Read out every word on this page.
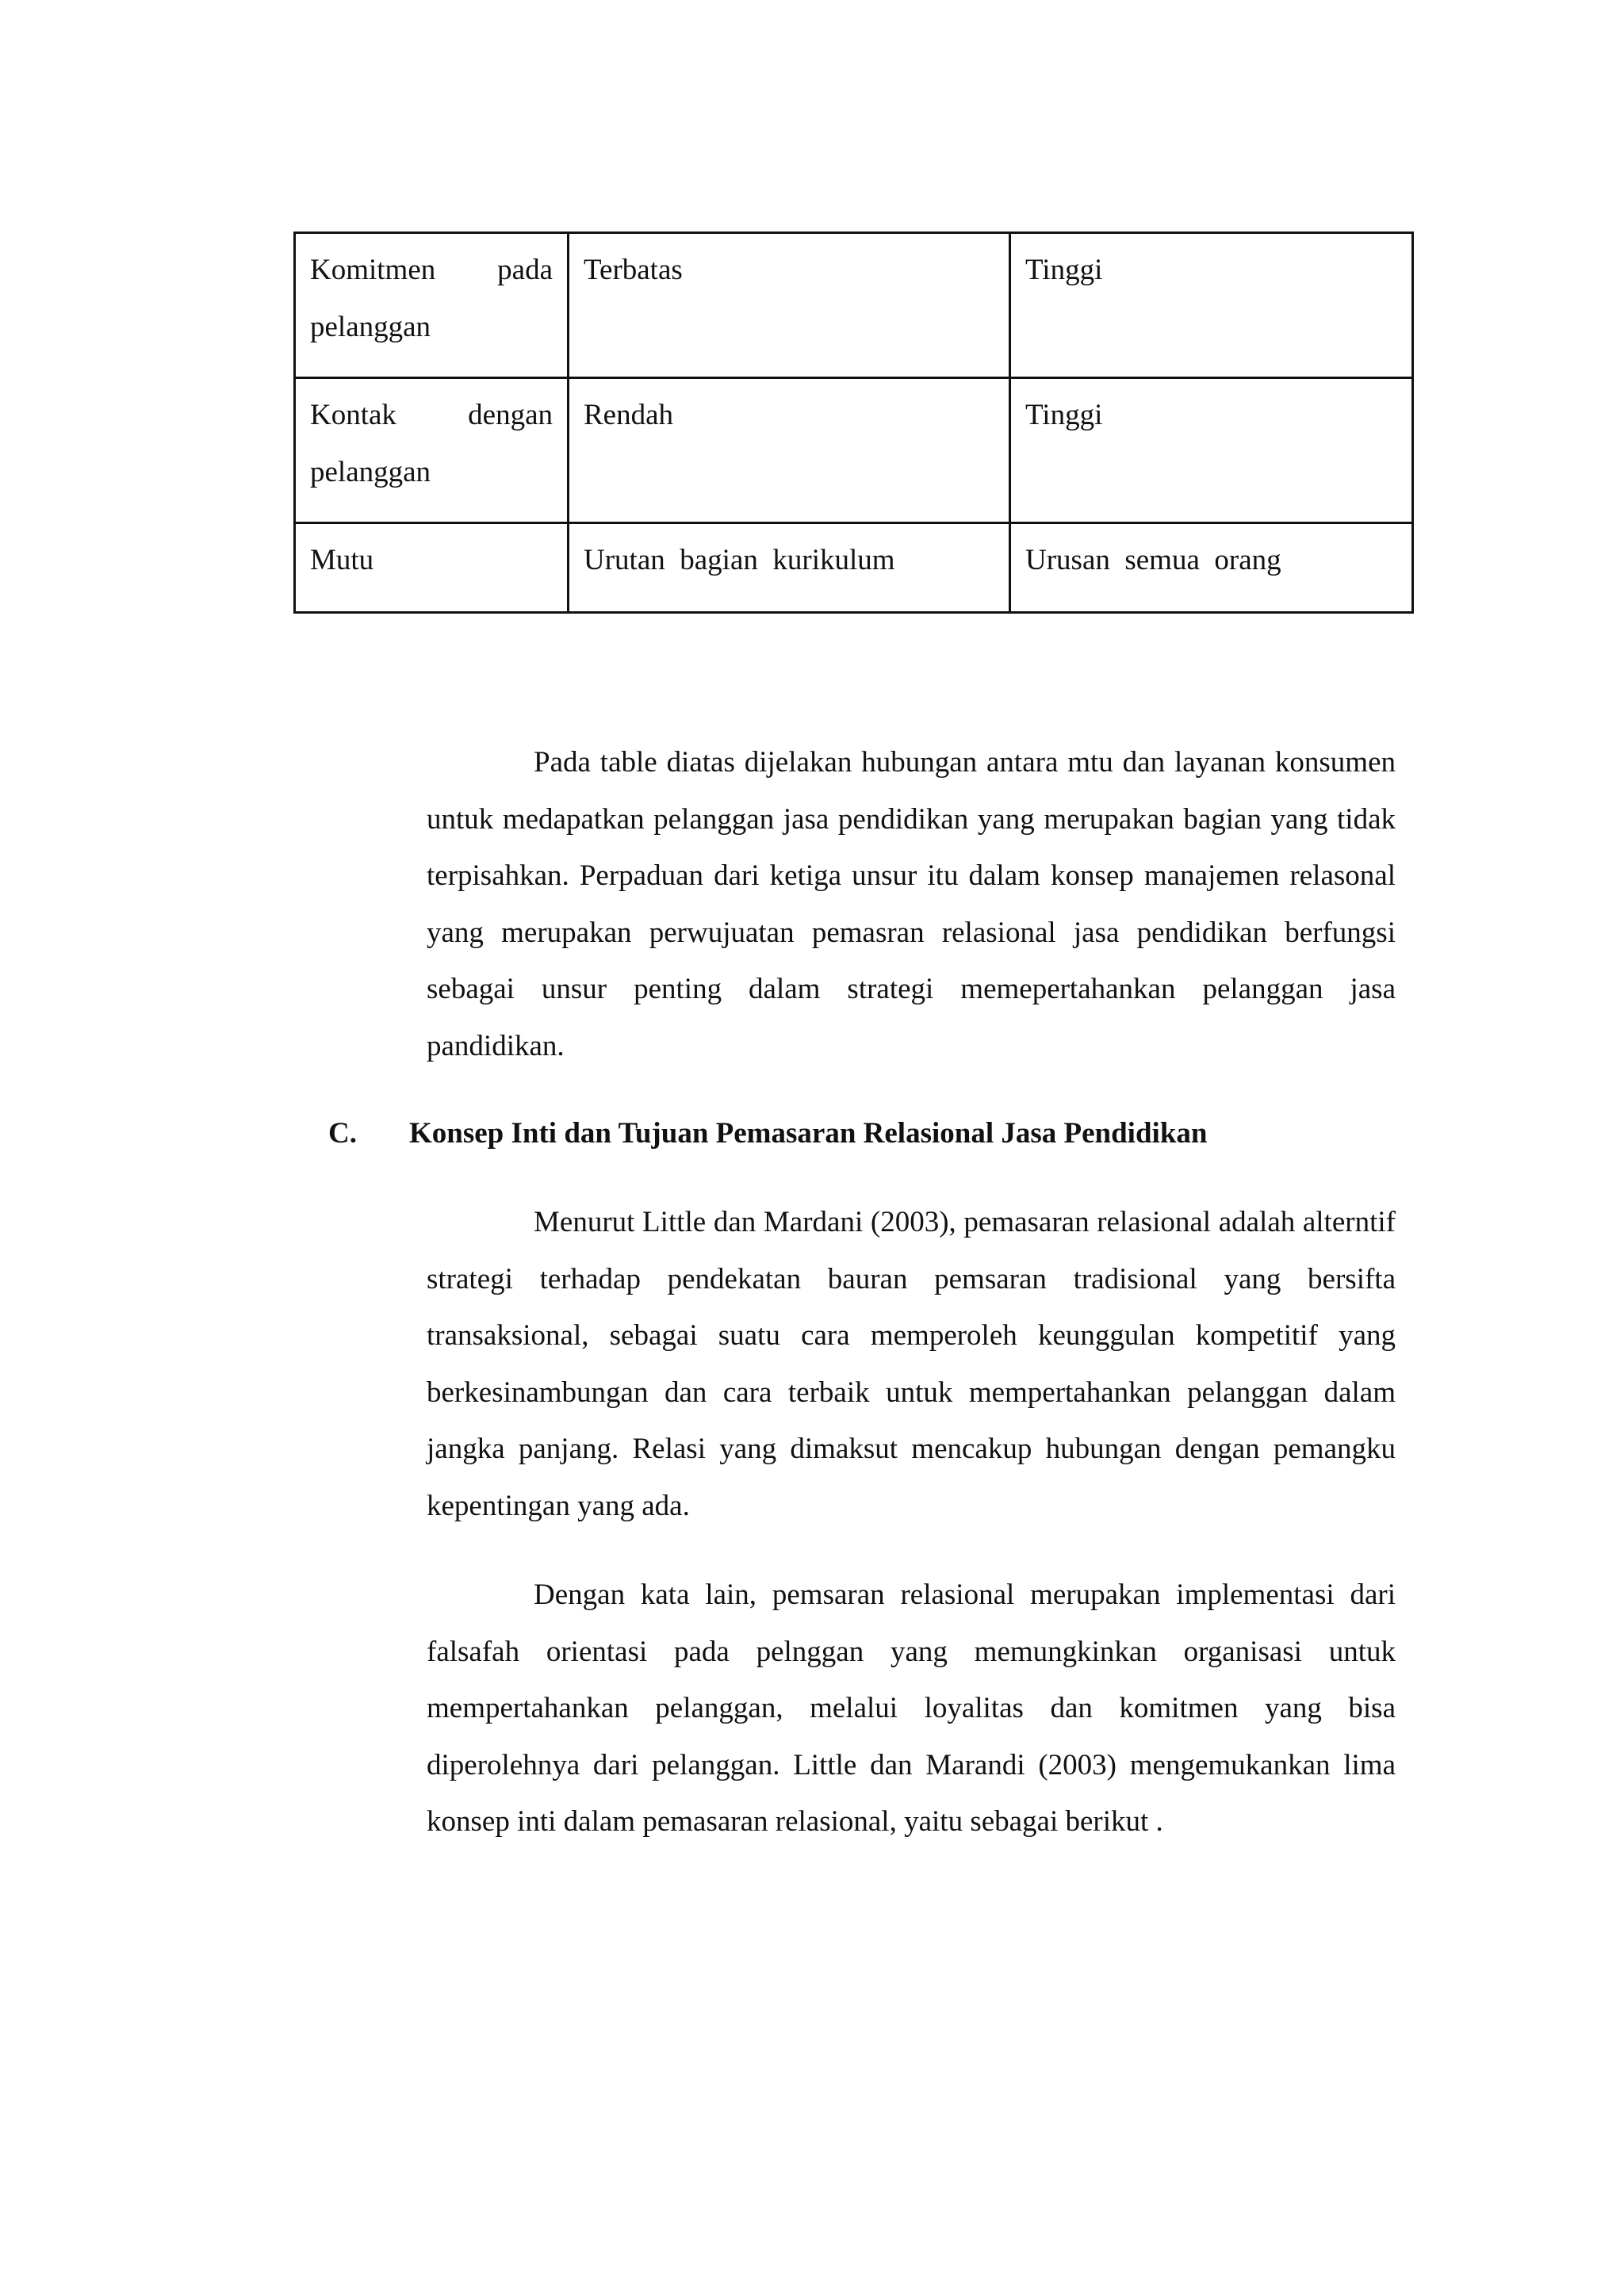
Komitmen pada
pelanggan	Terbatas	Tinggi

Kontak dengan
pelanggan	Rendah	Tinggi

Mutu	Urutan  bagian  kurikulum	Urusan  semua  orang

Pada table diatas dijelakan hubungan antara mtu dan layanan konsumen untuk medapatkan pelanggan jasa pendidikan yang merupakan bagian yang tidak terpisahkan. Perpaduan dari ketiga unsur itu dalam konsep manajemen relasonal yang merupakan perwujuatan pemasran relasional jasa pendidikan berfungsi sebagai unsur penting dalam strategi memepertahankan pelanggan jasa pandidikan.

C. Konsep Inti dan Tujuan Pemasaran Relasional Jasa Pendidikan

Menurut Little dan Mardani (2003), pemasaran relasional adalah alterntif strategi terhadap pendekatan bauran pemsaran tradisional yang bersifta transaksional, sebagai suatu cara memperoleh keunggulan kompetitif yang berkesinambungan dan cara terbaik untuk mempertahankan pelanggan dalam jangka panjang. Relasi yang dimaksut mencakup hubungan dengan pemangku kepentingan yang ada.

Dengan kata lain, pemsaran relasional merupakan implementasi dari falsafah orientasi pada pelnggan yang memungkinkan organisasi untuk mempertahankan pelanggan, melalui loyalitas dan komitmen yang bisa diperolehnya dari pelanggan. Little dan Marandi (2003) mengemukankan lima konsep inti dalam pemasaran relasional, yaitu sebagai berikut .
